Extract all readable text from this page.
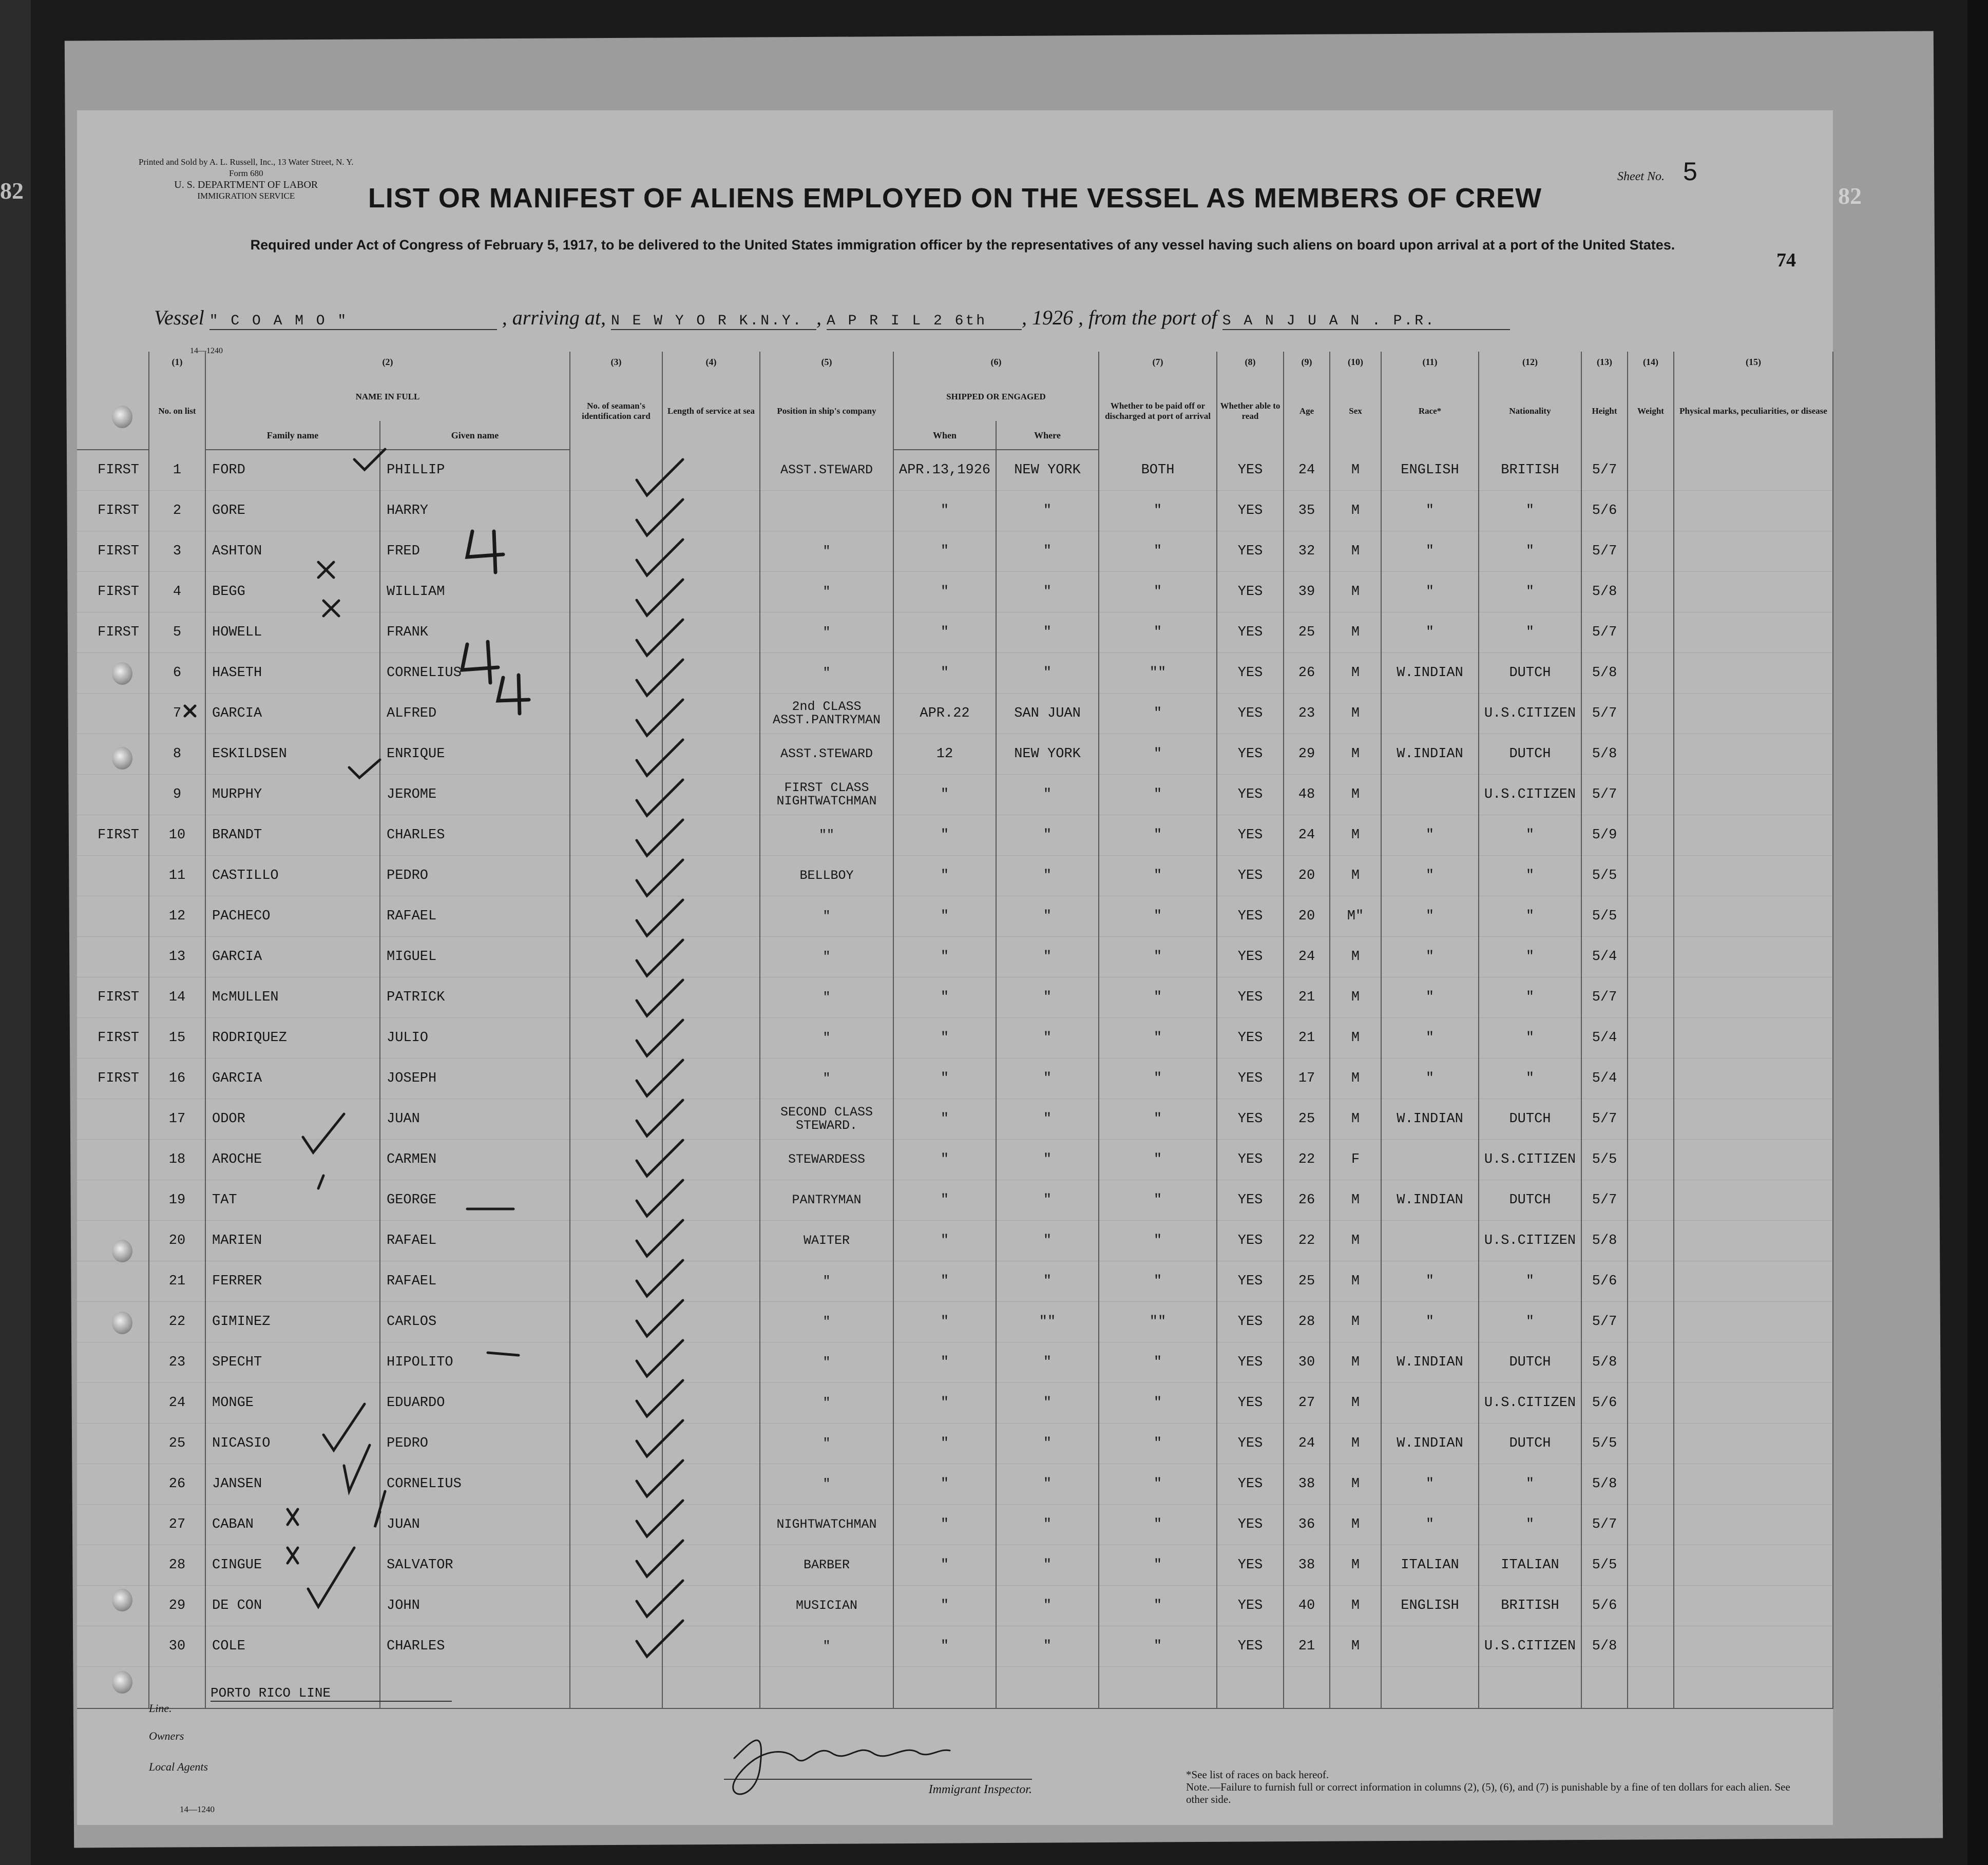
82
Printed and Sold by A. L. Russell, Inc., 13 Water Street, N. Y.
Form 680
U. S. DEPARTMENT OF LABOR
IMMIGRATION SERVICE	LIST OR MANIFEST OF ALIENS EMPLOYED ON THE VESSEL AS MEMBERS OF CREW
Sheet No. 5
82
74
Required under Act of Congress of February 5, 1917, to be delivered to the United States immigration officer by the representatives of any vessel having such aliens on board upon arrival at a port of the United States.
Vessel " C O A M O "	, arriving at, N E W Y O R K.N.Y. , A P R I L 2 6th , 1926 , from the port of S A N J U A N . P.R.
14—1240
	(1)	(2)		(3)	(4)	(5)	(6)		(7)	(8)	(9)	(10)	(11)	(12)	(13)	(14)	(15)
	No. on list	NAME IN FULL		No. of seaman's identification card	Length of service at sea	Position in ship's company	SHIPPED OR ENGAGED		Whether to be paid off or discharged at port of arrival	Whether able to read	Age	Sex	Race*	Nationality	Height	Weight	Physical marks, peculiarities, or disease
		Family name	Given name				When	Where									
FIRST	1	FORD	PHILLIP			ASST.STEWARD	APR.13,1926	NEW YORK	BOTH	YES	24	M	ENGLISH	BRITISH	5/7		
FIRST	2	GORE	HARRY				"	"	"	YES	35	M	"	"	5/6		
FIRST	3	ASHTON	FRED			"	"	"	"	YES	32	M	"	"	5/7		
FIRST	4	BEGG	WILLIAM			"	"	"	"	YES	39	M	"	"	5/8		
FIRST	5	HOWELL	FRANK			"	"	"	"	YES	25	M	"	"	5/7		
	6	HASETH	CORNELIUS			"	"	"	""	YES	26	M	W.INDIAN	DUTCH	5/8		
	7	GARCIA	ALFRED			2nd CLASS ASST.PANTRYMAN	APR.22	SAN JUAN	"	YES	23	M		U.S.CITIZEN	5/7		
	8	ESKILDSEN	ENRIQUE			ASST.STEWARD	12	NEW YORK	"	YES	29	M	W.INDIAN	DUTCH	5/8		
	9	MURPHY	JEROME			FIRST CLASS NIGHTWATCHMAN	"	"	"	YES	48	M		U.S.CITIZEN	5/7		
FIRST	10	BRANDT	CHARLES			""	"	"	"	YES	24	M	"	"	5/9		
	11	CASTILLO	PEDRO			BELLBOY	"	"	"	YES	20	M	"	"	5/5		
	12	PACHECO	RAFAEL			"	"	"	"	YES	20	M"	"	"	5/5		
	13	GARCIA	MIGUEL			"	"	"	"	YES	24	M	"	"	5/4		
FIRST	14	McMULLEN	PATRICK			"	"	"	"	YES	21	M	"	"	5/7		
FIRST	15	RODRIQUEZ	JULIO			"	"	"	"	YES	21	M	"	"	5/4		
FIRST	16	GARCIA	JOSEPH			"	"	"	"	YES	17	M	"	"	5/4		
	17	ODOR	JUAN			SECOND CLASS STEWARD.	"	"	"	YES	25	M	W.INDIAN	DUTCH	5/7		
	18	AROCHE	CARMEN			STEWARDESS	"	"	"	YES	22	F		U.S.CITIZEN	5/5		
	19	TAT	GEORGE			PANTRYMAN	"	"	"	YES	26	M	W.INDIAN	DUTCH	5/7		
	20	MARIEN	RAFAEL			WAITER	"	"	"	YES	22	M		U.S.CITIZEN	5/8		
	21	FERRER	RAFAEL			"	"	"	"	YES	25	M	"	"	5/6		
	22	GIMINEZ	CARLOS			"	"	""	""	YES	28	M	"	"	5/7		
	23	SPECHT	HIPOLITO			"	"	"	"	YES	30	M	W.INDIAN	DUTCH	5/8		
	24	MONGE	EDUARDO			"	"	"	"	YES	27	M		U.S.CITIZEN	5/6		
	25	NICASIO	PEDRO			"	"	"	"	YES	24	M	W.INDIAN	DUTCH	5/5		
	26	JANSEN	CORNELIUS			"	"	"	"	YES	38	M	"	"	5/8		
	27	CABAN	JUAN			NIGHTWATCHMAN	"	"	"	YES	36	M	"	"	5/7		
	28	CINGUE	SALVATOR			BARBER	"	"	"	YES	38	M	ITALIAN	ITALIAN	5/5		
	29	DE CON	JOHN			MUSICIAN	"	"	"	YES	40	M	ENGLISH	BRITISH	5/6		
	30	COLE	CHARLES			"	"	"	"	YES	21	M		U.S.CITIZEN	5/8		

Line.
PORTO RICO LINE
Owners
Local Agents
Immigrant Inspector.
*See list of races on back hereof.
Note.—Failure to furnish full or correct information in columns (2), (5), (6), and (7) is punishable by a fine of ten dollars for each alien. See other side.
14—1240
